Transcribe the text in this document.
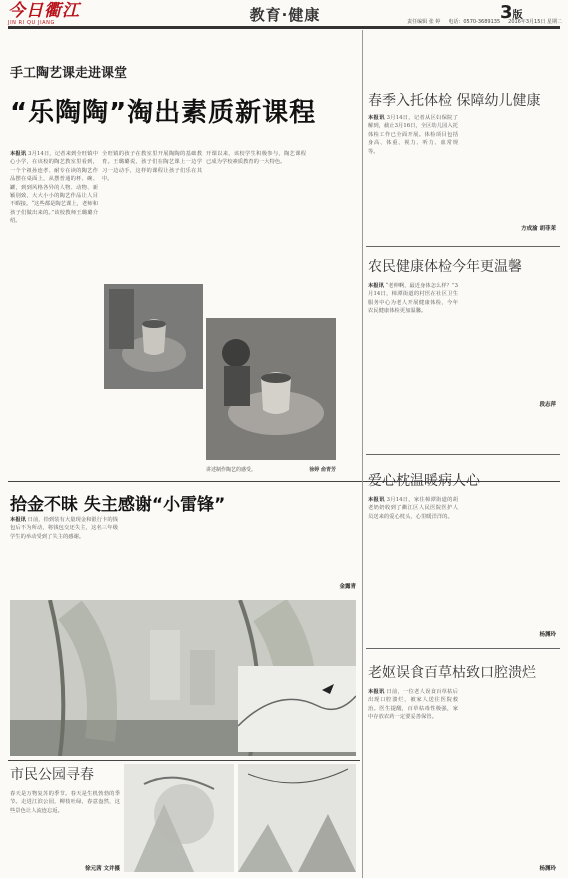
今日衢江
JIN RI QU JIANG	教育·健康	3版
责任编辑 张 婷 电话：0570-3689135 2016年3月15日 星期二
手工陶艺课走进课堂
“乐陶陶”淘出素质新课程
本报讯 3月14日，记者来到全旺镇中心小学，在该校的陶艺教室里看到，一个个祖孙连孝、耐专在读的陶艺作品摆在桌面上，从摆普通的杯、碗、罐，到到风格各异的人物、动物、新颖别致，大大小小的陶艺作品让人目不暇接。“这些都是陶艺课上，老师和孩子们做出来的。”该校教师王璐璐介绍。
全旺镇的孩子在教室里开展陶陶的基础教育。王璐璐说，孩子们在陶艺课上一边学习一边动手，这样的课程让孩子们乐在其中。
开课以来，该校学生积极参与，陶艺课程已成为学校素质教育的一大特色。
讲述制作陶艺的感受。	徐婷 俞青芳
拾金不昧 失主感谢“小雷锋”
本报讯 日前，拾到装有大量现金和银行卡的钱包后不为所动，将钱包交还失主，这名三年级学生的举动受到了失主的感谢。
金露青
市民公园寻春
春天是万物复苏的季节。春天是生机勃勃的季节。走进江滨公园，柳枝吐绿，春意盎然，这些景色让人流连忘返。
徐元茜 文并摄
春季入托体检 保障幼儿健康
本报讯 3月14日，记者从区妇保院了解到，截止3月16日，全区幼儿园入托体检工作已全面开展。体检项目包括身高、体重、视力、听力、血常规等。
方成渝 胡菲茉
农民健康体检今年更温馨
本报讯 “老伸啊，最近身体怎么样？”3月14日，樟潭街道的村医在社区卫生服务中心为老人开展健康体检，今年农民健康体检更加温馨。
段志萍
爱心枕温暖病人心
本报讯 3月14日，家住樟潭街道的胡老奶奶收到了衢江区人民医院医护人员送来的爱心枕头，心里暖洋洋的。
杨渊玲
老妪误食百草枯致口腔溃烂
本报讯 日前，一位老人误食百草枯后出现口腔溃烂，被家人送往医院救治。医生提醒，百草枯毒性极强，家中存放农药一定要妥善保管。
杨渊玲
